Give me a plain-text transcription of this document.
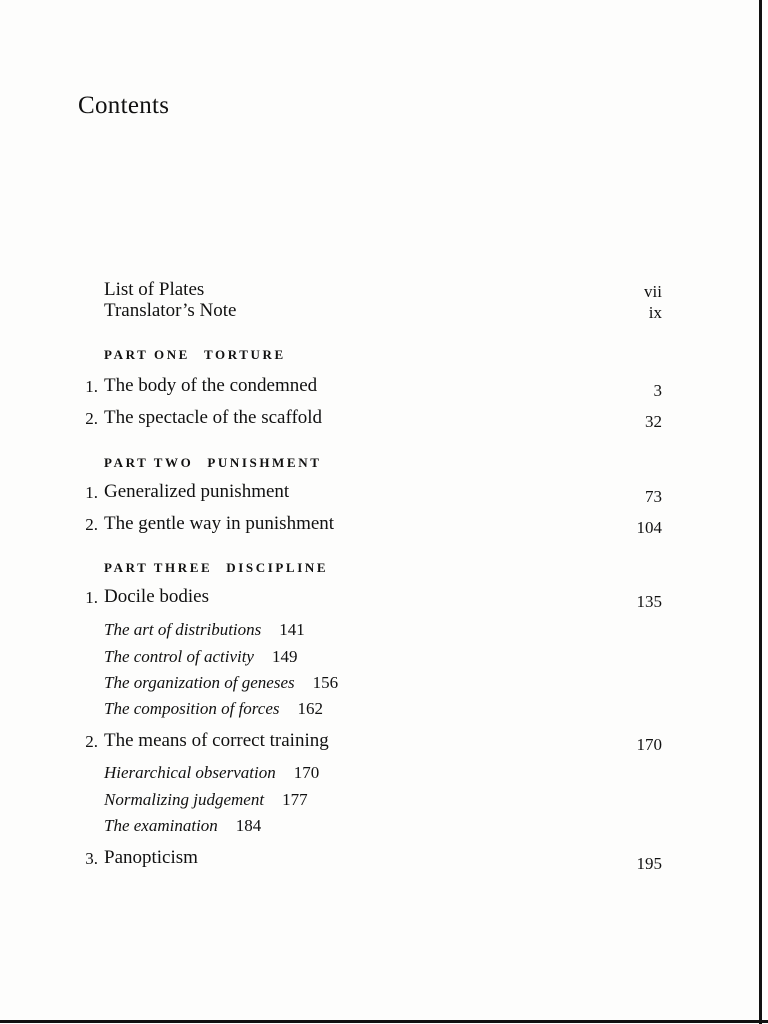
Contents
List of Plates	vii
Translator’s Note	ix
PART ONE TORTURE
1. The body of the condemned	3
2. The spectacle of the scaffold	32
PART TWO PUNISHMENT
1. Generalized punishment	73
2. The gentle way in punishment	104
PART THREE DISCIPLINE
1. Docile bodies	135
The art of distributions 141
The control of activity 149
The organization of geneses 156
The composition of forces 162
2. The means of correct training	170
Hierarchical observation 170
Normalizing judgement 177
The examination 184
3. Panopticism	195
